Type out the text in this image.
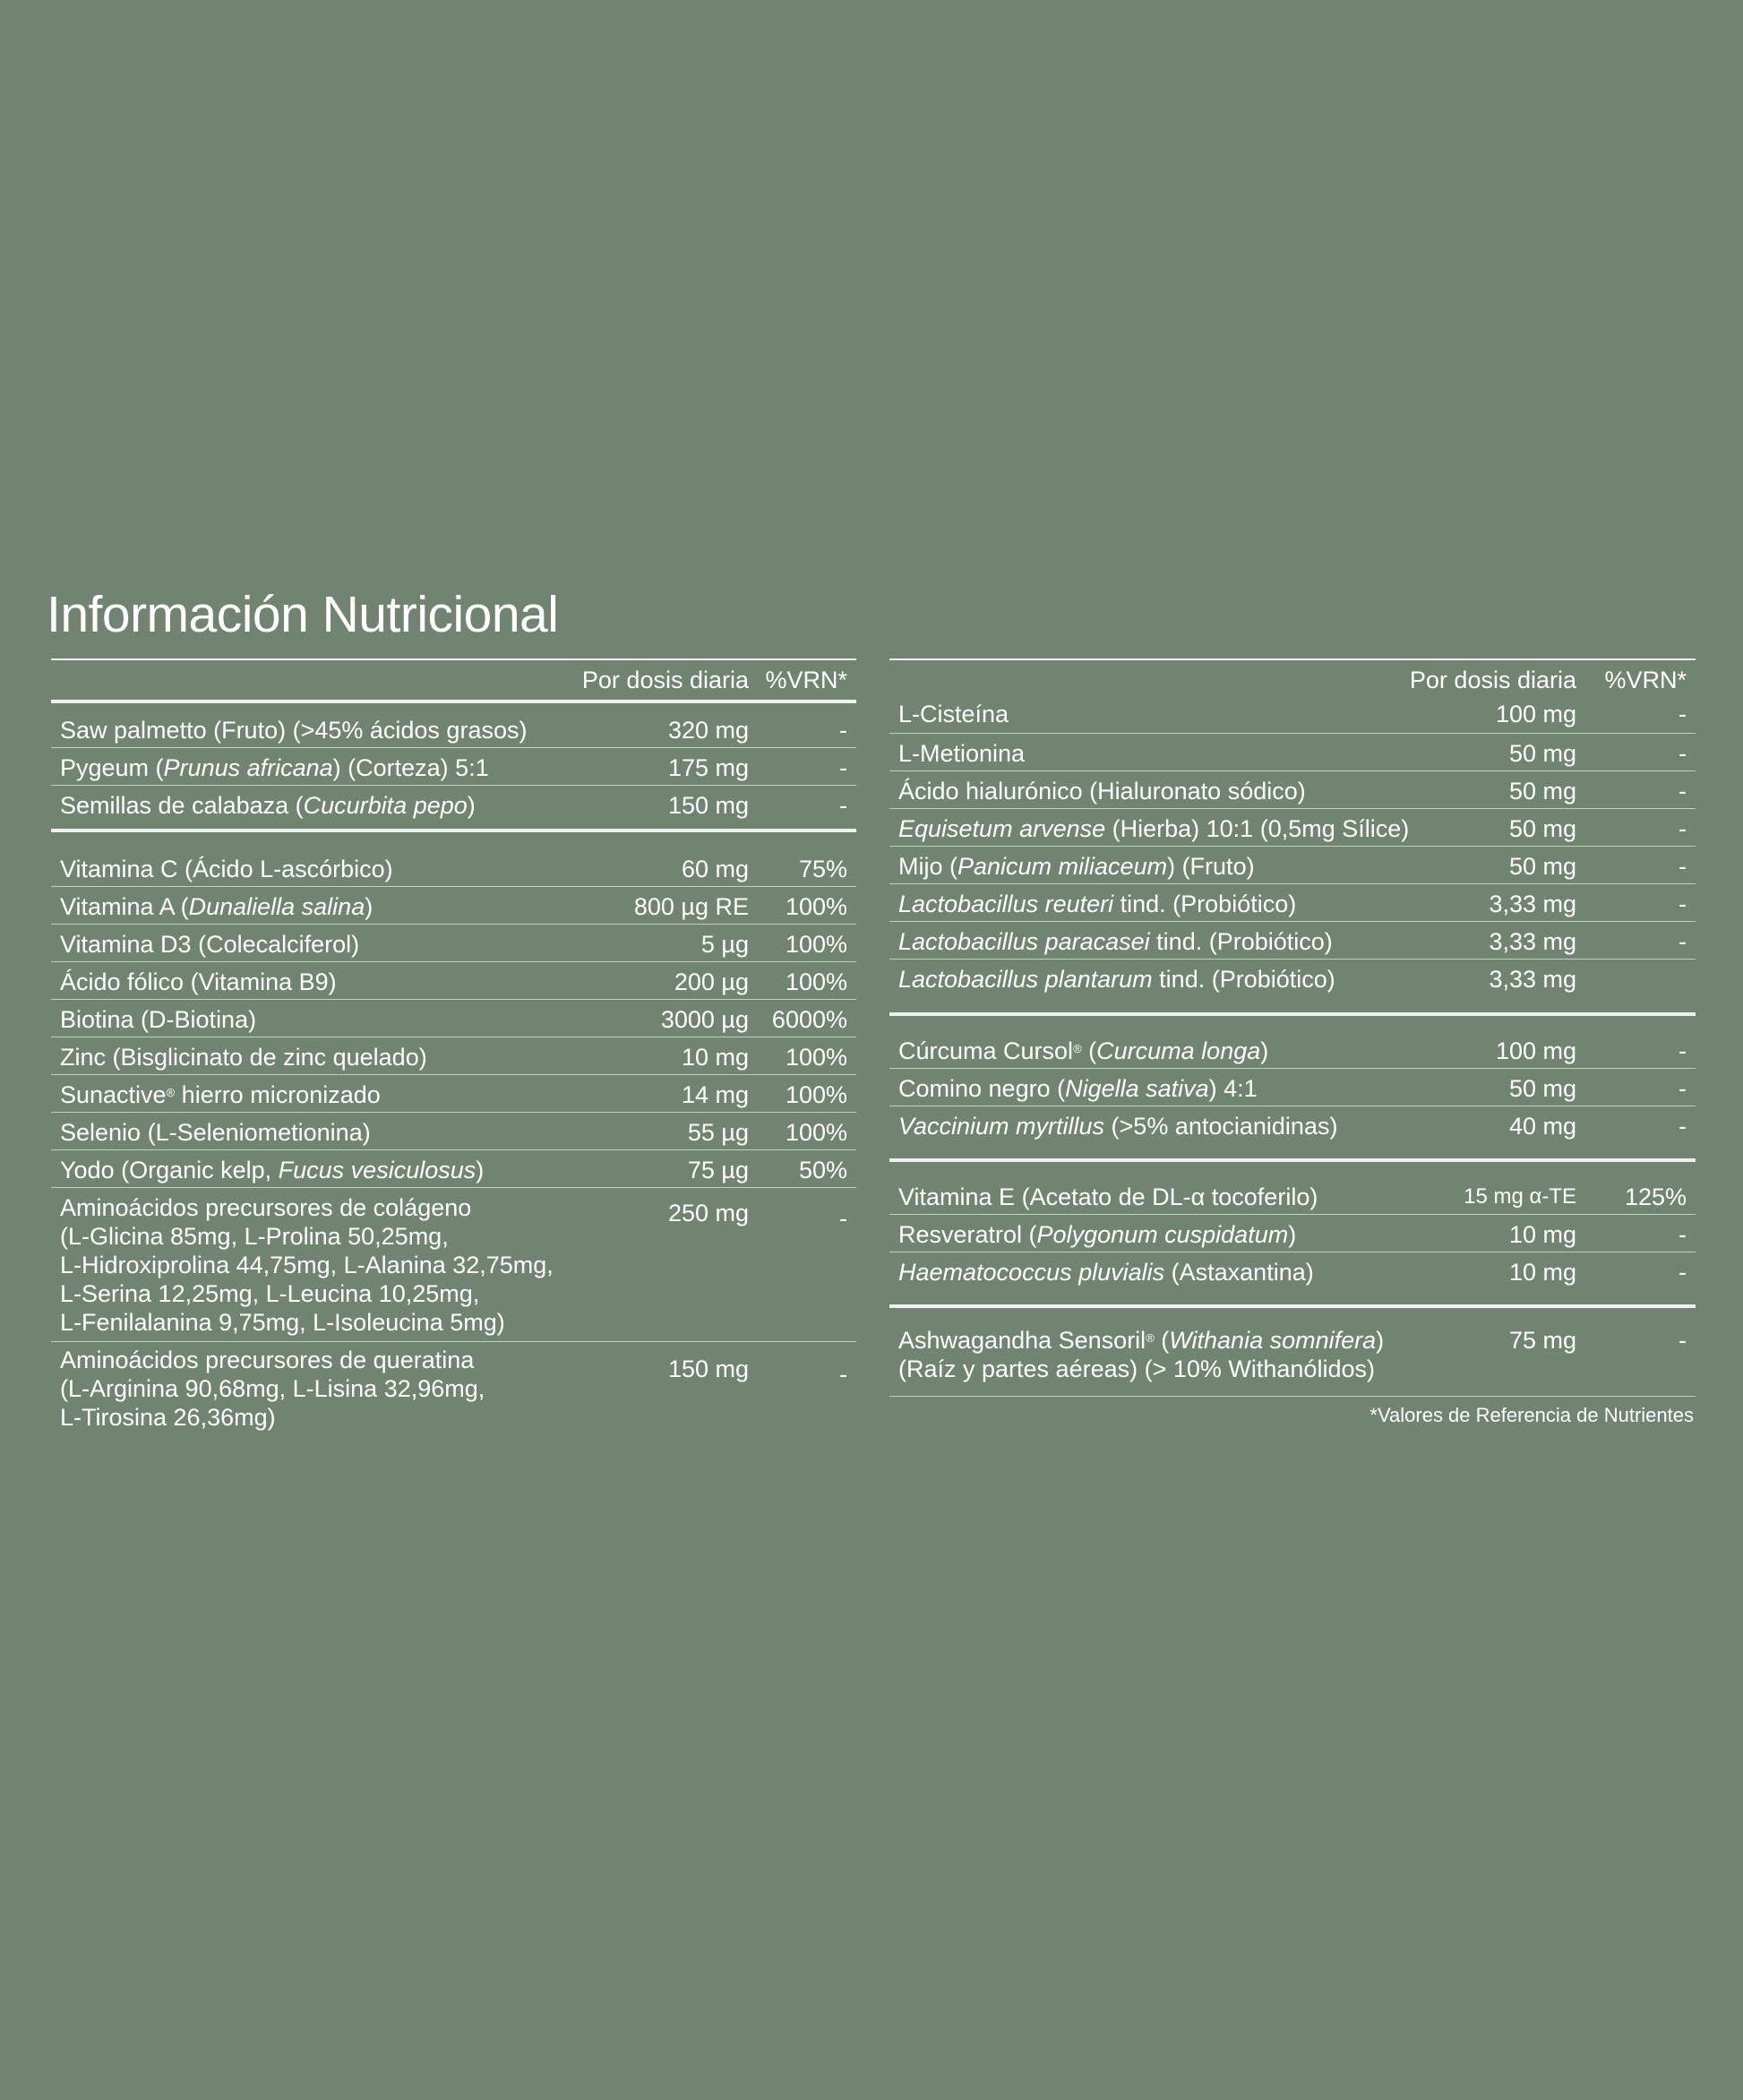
Información Nutricional
Por dosis diaria %VRN*
Saw palmetto (Fruto) (>45% ácidos grasos)	320 mg	-
Pygeum (Prunus africana) (Corteza) 5:1	175 mg	-
Semillas de calabaza (Cucurbita pepo)	150 mg	-
Vitamina C (Ácido L-ascórbico)	60 mg	75%
Vitamina A (Dunaliella salina)	800 µg RE	100%
Vitamina D3 (Colecalciferol)	5 µg	100%
Ácido fólico (Vitamina B9)	200 µg	100%
Biotina (D-Biotina)	3000 µg 6000%
Zinc (Bisglicinato de zinc quelado)	10 mg	100%
Sunactive® hierro micronizado	14 mg	100%
Selenio (L-Seleniometionina)	55 µg	100%
Yodo (Organic kelp, Fucus vesiculosus)	75 µg	50%
Aminoácidos precursores de colágeno
(L-Glicina 85mg, L-Prolina 50,25mg,
L-Hidroxiprolina 44,75mg, L-Alanina 32,75mg,
L-Serina 12,25mg, L-Leucina 10,25mg,
L-Fenilalanina 9,75mg, L-Isoleucina 5mg)
250 mg	-
Aminoácidos precursores de queratina
(L-Arginina 90,68mg, L-Lisina 32,96mg,
L-Tirosina 26,36mg)
150 mg	-
Por dosis diaria	%VRN*
L-Cisteína	100 mg	-
L-Metionina	50 mg	-
Ácido hialurónico (Hialuronato sódico)	50 mg	-
Equisetum arvense (Hierba) 10:1 (0,5mg Sílice)	50 mg	-
Mijo (Panicum miliaceum) (Fruto)	50 mg	-
Lactobacillus reuteri tind. (Probiótico)	3,33 mg	-
Lactobacillus paracasei tind. (Probiótico)	3,33 mg	-
Lactobacillus plantarum tind. (Probiótico)	3,33 mg
Cúrcuma Cursol® (Curcuma longa)	100 mg	-
Comino negro (Nigella sativa) 4:1	50 mg	-
Vaccinium myrtillus (>5% antocianidinas)	40 mg	-
Vitamina E (Acetato de DL-α tocoferilo)	15 mg α-TE	125%
Resveratrol (Polygonum cuspidatum)	10 mg	-
Haematococcus pluvialis (Astaxantina)	10 mg	-
Ashwagandha Sensoril® (Withania somnifera)
(Raíz y partes aéreas) (> 10% Withanólidos)
75 mg	-
*Valores de Referencia de Nutrientes
